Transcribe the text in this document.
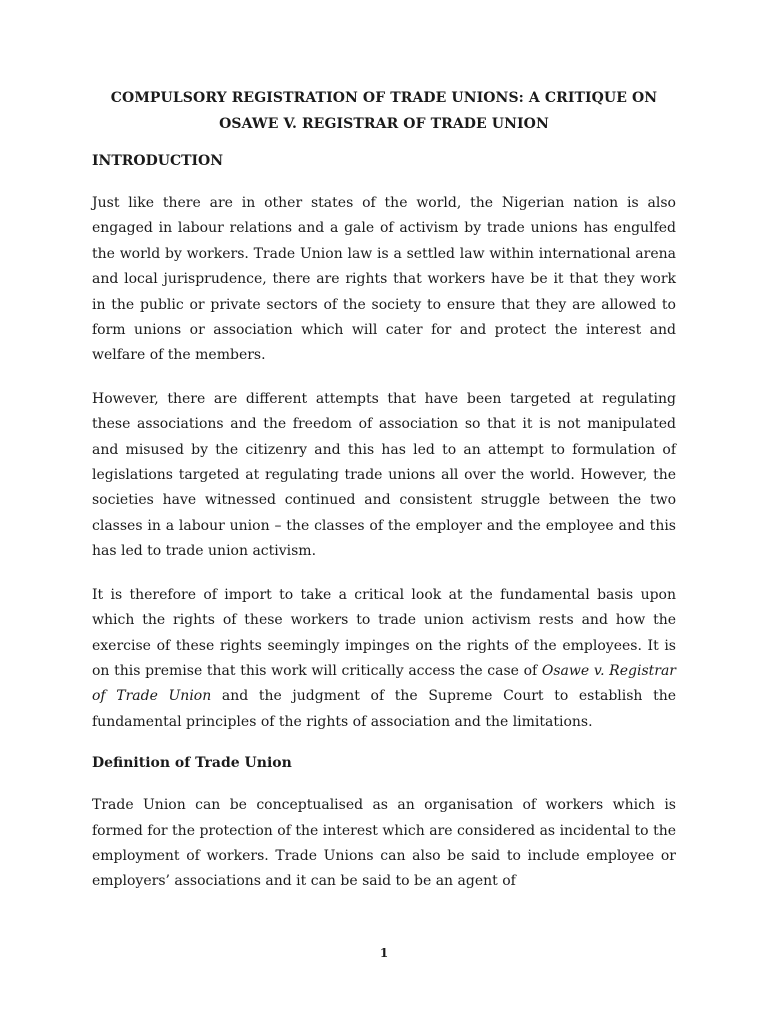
COMPULSORY REGISTRATION OF TRADE UNIONS: A CRITIQUE ON
OSAWE V. REGISTRAR OF TRADE UNION
INTRODUCTION

Just like there are in other states of the world, the Nigerian nation is also engaged in labour relations and a gale of activism by trade unions has engulfed the world by workers. Trade Union law is a settled law within international arena and local jurisprudence, there are rights that workers have be it that they work in the public or private sectors of the society to ensure that they are allowed to form unions or association which will cater for and protect the interest and welfare of the members.

However, there are different attempts that have been targeted at regulating these associations and the freedom of association so that it is not manipulated and misused by the citizenry and this has led to an attempt to formulation of legislations targeted at regulating trade unions all over the world. However, the societies have witnessed continued and consistent struggle between the two classes in a labour union – the classes of the employer and the employee and this has led to trade union activism.

It is therefore of import to take a critical look at the fundamental basis upon which the rights of these workers to trade union activism rests and how the exercise of these rights seemingly impinges on the rights of the employees. It is on this premise that this work will critically access the case of Osawe v. Registrar of Trade Union and the judgment of the Supreme Court to establish the fundamental principles of the rights of association and the limitations.

Definition of Trade Union

Trade Union can be conceptualised as an organisation of workers which is formed for the protection of the interest which are considered as incidental to the employment of workers. Trade Unions can also be said to include employee or employers’ associations and it can be said to be an agent of

1
